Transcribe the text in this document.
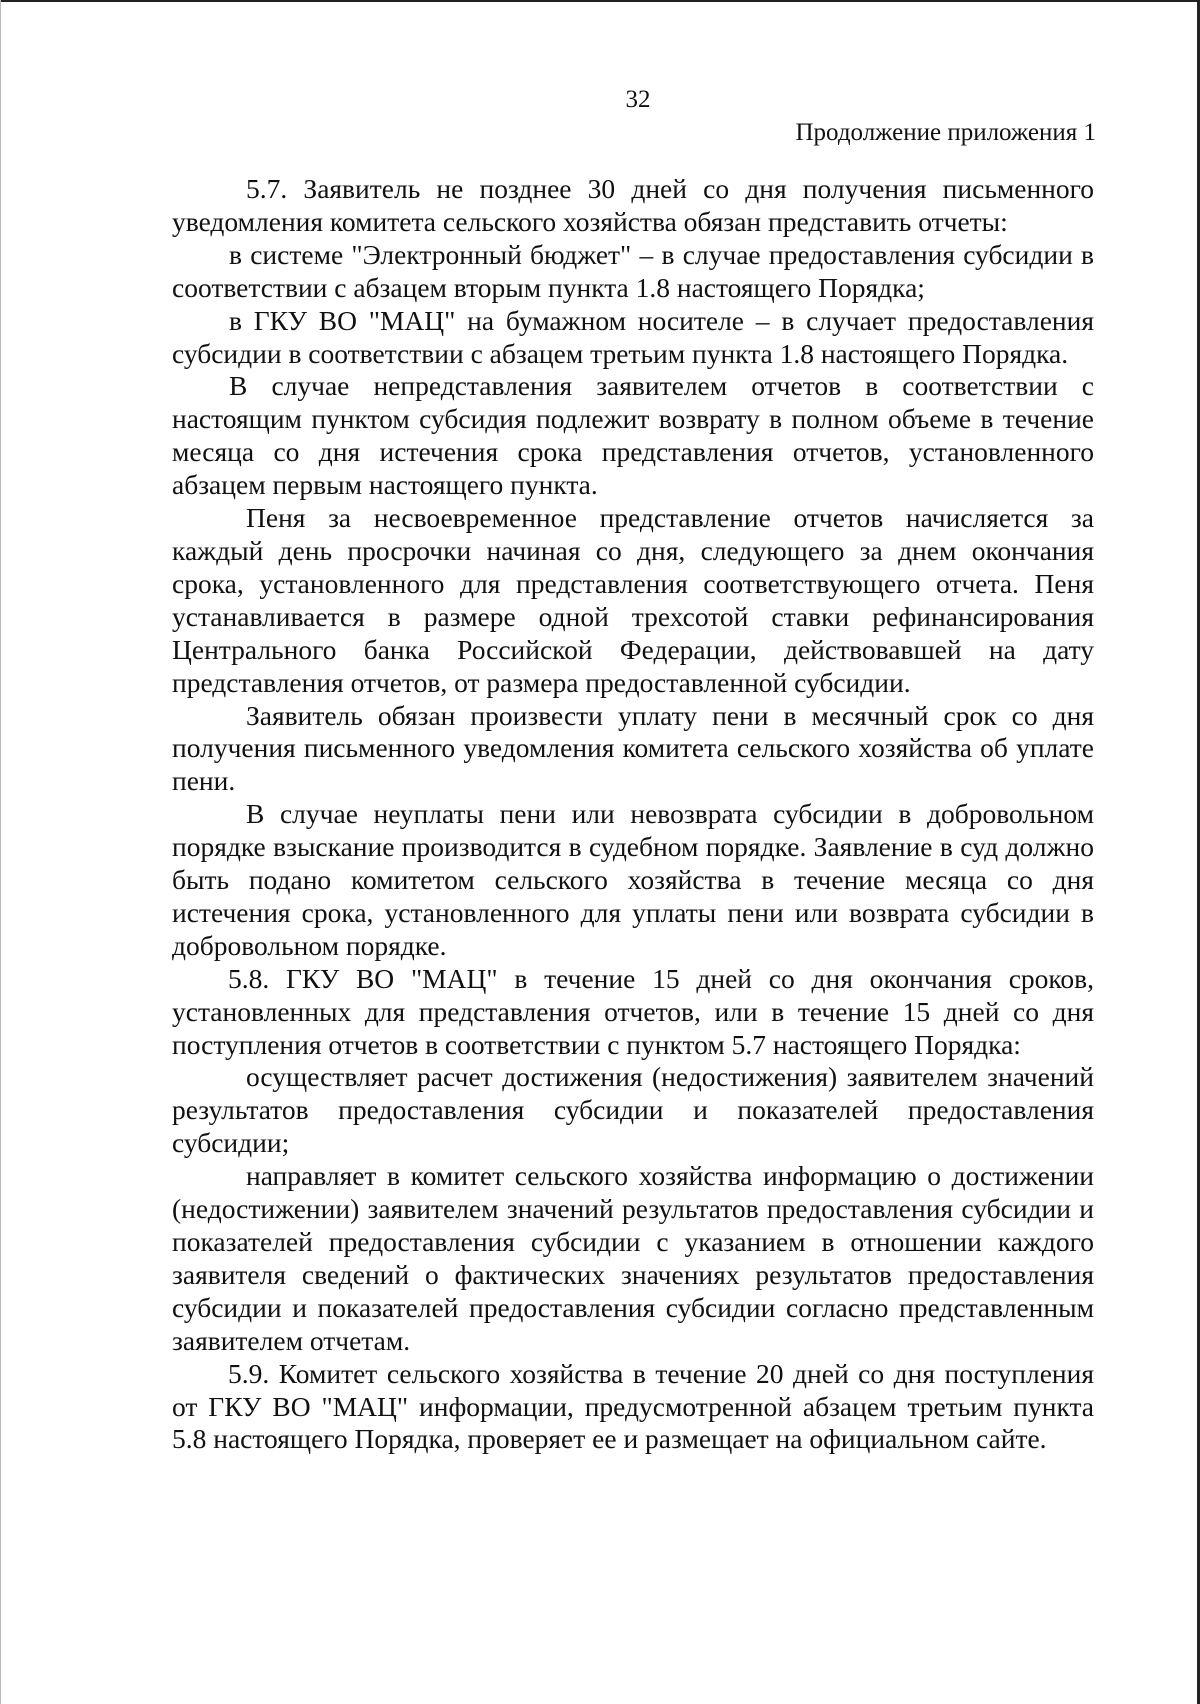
32
Продолжение приложения 1

5.7. Заявитель не позднее 30 дней со дня получения письменного уведомления комитета сельского хозяйства обязан представить отчеты:

в системе "Электронный бюджет" – в случае предоставления субсидии в соответствии с абзацем вторым пункта 1.8 настоящего Порядка;

в ГКУ ВО "МАЦ" на бумажном носителе – в случает предоставления субсидии в соответствии с абзацем третьим пункта 1.8 настоящего Порядка.

В случае непредставления заявителем отчетов в соответствии с настоящим пунктом субсидия подлежит возврату в полном объеме в течение месяца со дня истечения срока представления отчетов, установленного абзацем первым настоящего пункта.

Пеня за несвоевременное представление отчетов начисляется за каждый день просрочки начиная со дня, следующего за днем окончания срока, установленного для представления соответствующего отчета. Пеня устанавливается в размере одной трехсотой ставки рефинансирования Центрального банка Российской Федерации, действовавшей на дату представления отчетов, от размера предоставленной субсидии.

Заявитель обязан произвести уплату пени в месячный срок со дня получения письменного уведомления комитета сельского хозяйства об уплате пени.

В случае неуплаты пени или невозврата субсидии в добровольном порядке взыскание производится в судебном порядке. Заявление в суд должно быть подано комитетом сельского хозяйства в течение месяца со дня истечения срока, установленного для уплаты пени или возврата субсидии в добровольном порядке.

5.8. ГКУ ВО "МАЦ" в течение 15 дней со дня окончания сроков, установленных для представления отчетов, или в течение 15 дней со дня поступления отчетов в соответствии с пунктом 5.7 настоящего Порядка:

осуществляет расчет достижения (недостижения) заявителем значений результатов предоставления субсидии и показателей предоставления субсидии;

направляет в комитет сельского хозяйства информацию о достижении (недостижении) заявителем значений результатов предоставления субсидии и показателей предоставления субсидии с указанием в отношении каждого заявителя сведений о фактических значениях результатов предоставления субсидии и показателей предоставления субсидии согласно представленным заявителем отчетам.

5.9. Комитет сельского хозяйства в течение 20 дней со дня поступления от ГКУ ВО "МАЦ" информации, предусмотренной абзацем третьим пункта 5.8 настоящего Порядка, проверяет ее и размещает на официальном сайте.
